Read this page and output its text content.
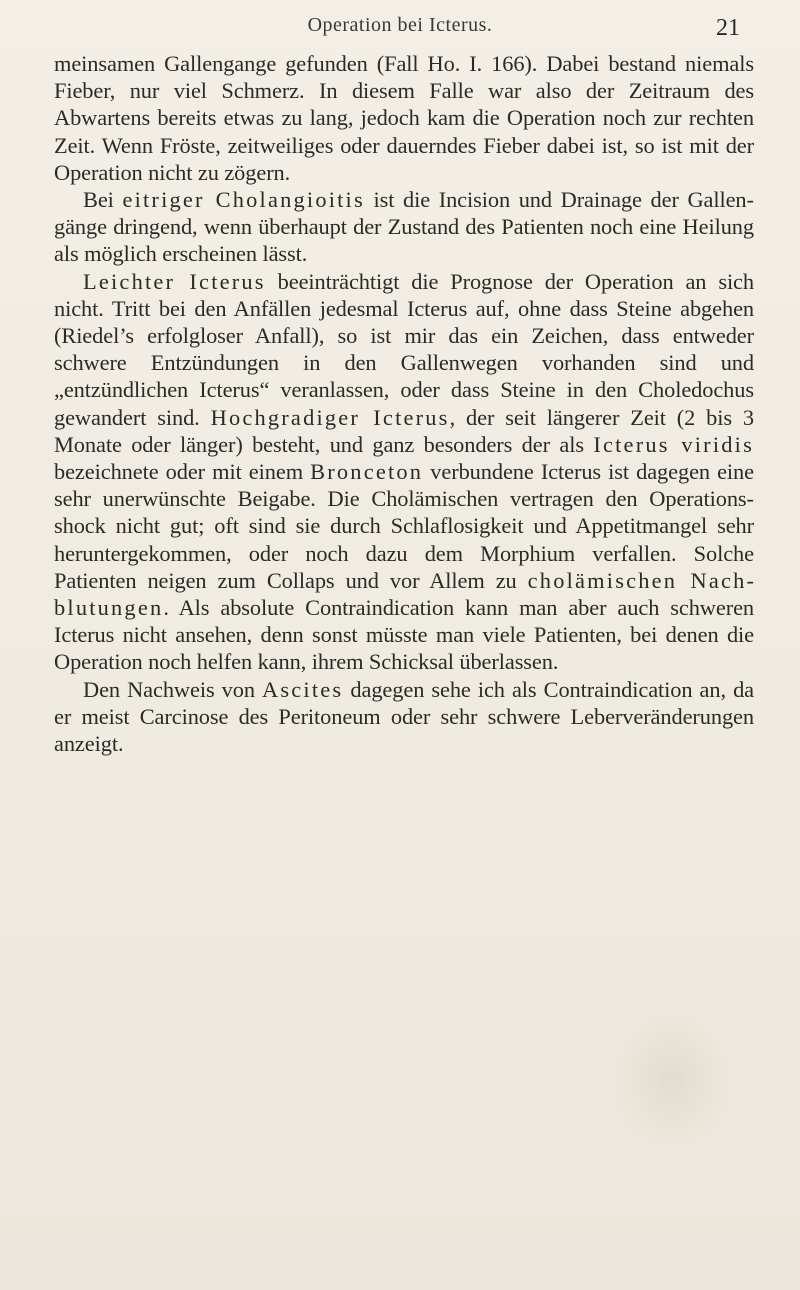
Operation bei Icterus.	21

meinsamen Gallengange gefunden (Fall Ho. I. 166). Dabei bestand niemals Fieber, nur viel Schmerz. In diesem Falle war also der Zeitraum des Abwartens bereits etwas zu lang, jedoch kam die Operation noch zur rechten Zeit. Wenn Fröste, zeitweiliges oder dauerndes Fieber dabei ist, so ist mit der Operation nicht zu zögern.

Bei eitriger Cholangioitis ist die Incision und Drainage der Gallengänge dringend, wenn überhaupt der Zustand des Patienten noch eine Heilung als möglich erscheinen lässt.

Leichter Icterus beeinträchtigt die Prognose der Operation an sich nicht. Tritt bei den Anfällen jedesmal Icterus auf, ohne dass Steine abgehen (Riedel’s erfolgloser Anfall), so ist mir das ein Zeichen, dass entweder schwere Entzündungen in den Gallenwegen vorhanden sind und „entzündlichen Icterus“ veranlassen, oder dass Steine in den Choledochus gewandert sind. Hochgradiger Icterus, der seit längerer Zeit (2 bis 3 Monate oder länger) besteht, und ganz besonders der als Icterus viridis bezeichnete oder mit einem Bronceton verbundene Icterus ist dagegen eine sehr unerwünschte Beigabe. Die Cholämischen vertragen den Operationsshock nicht gut; oft sind sie durch Schlaflosigkeit und Appetitmangel sehr heruntergekommen, oder noch dazu dem Morphium verfallen. Solche Patienten neigen zum Collaps und vor Allem zu cholämischen Nachblutungen. Als absolute Contraindication kann man aber auch schweren Icterus nicht ansehen, denn sonst müsste man viele Patienten, bei denen die Operation noch helfen kann, ihrem Schicksal überlassen.

Den Nachweis von Ascites dagegen sehe ich als Contraindication an, da er meist Carcinose des Peritoneum oder sehr schwere Leberveränderungen anzeigt.
